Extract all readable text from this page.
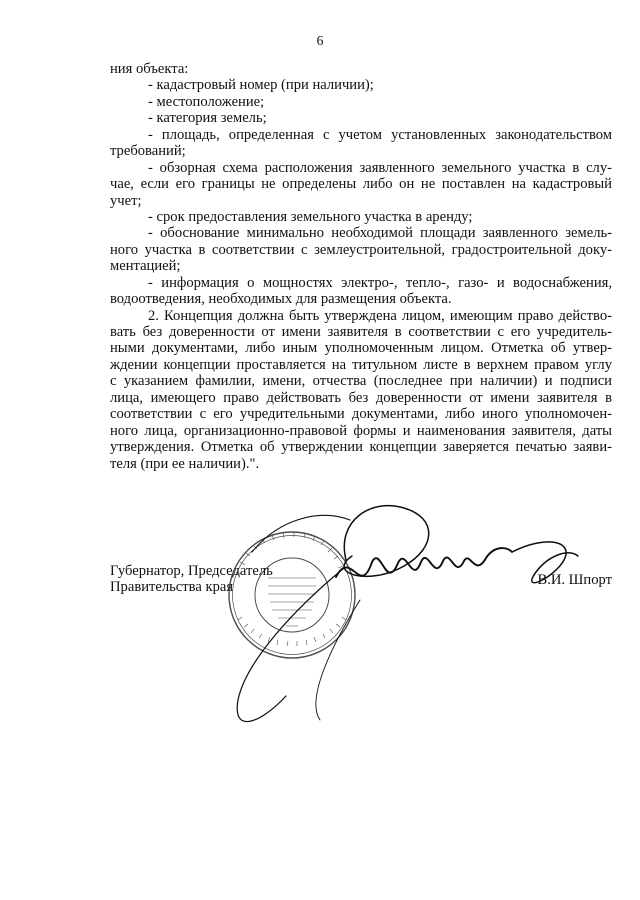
6
ния объекта:
- кадастровый номер (при наличии);
- местоположение;
- категория земель;
- площадь, определенная с учетом установленных законодательством
требований;
- обзорная схема расположения заявленного земельного участка в слу-
чае, если его границы не определены либо он не поставлен на кадастровый
учет;
- срок предоставления земельного участка в аренду;
- обоснование минимально необходимой площади заявленного земель-
ного участка в соответствии с землеустроительной, градостроительной доку-
ментацией;
- информация о мощностях электро-, тепло-, газо- и водоснабжения,
водоотведения, необходимых для размещения объекта.
2. Концепция должна быть утверждена лицом, имеющим право действо-
вать без доверенности от имени заявителя в соответствии с его учредитель-
ными документами, либо иным уполномоченным лицом. Отметка об утвер-
ждении концепции проставляется на титульном листе в верхнем правом углу
с указанием фамилии, имени, отчества (последнее при наличии) и подписи
лица, имеющего право действовать без доверенности от имени заявителя в
соответствии с его учредительными документами, либо иного уполномочен-
ного лица, организационно-правовой формы и наименования заявителя, даты
утверждения. Отметка об утверждении концепции заверяется печатью заяви-
теля (при ее наличии).".
Губернатор, Председатель
Правительства края	В.И. Шпорт
